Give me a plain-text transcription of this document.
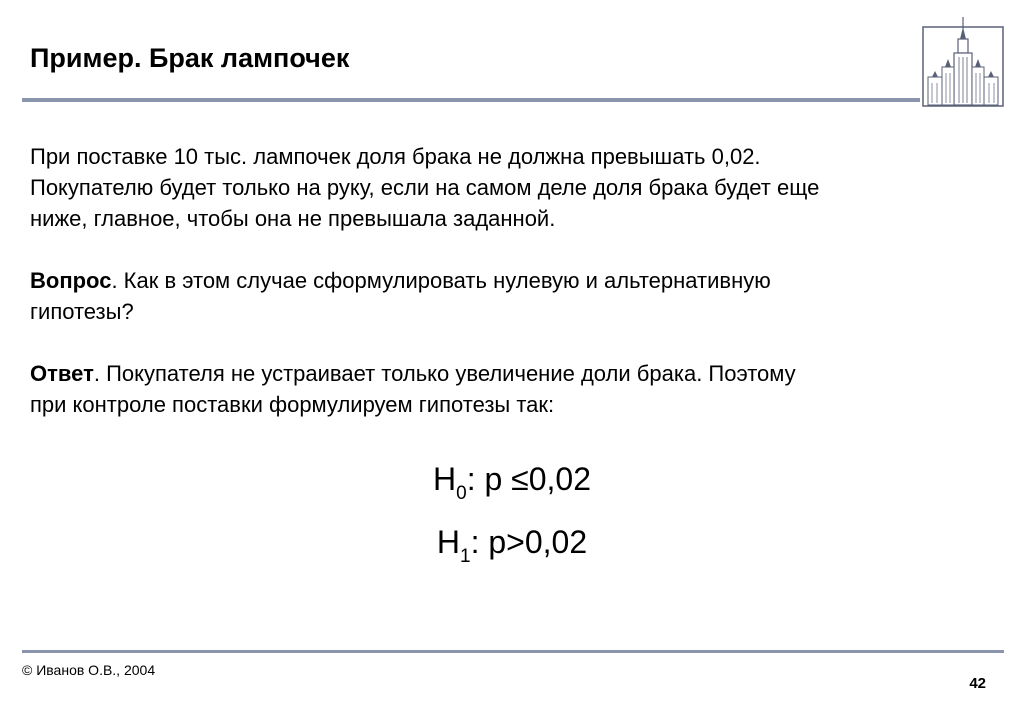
Пример. Брак лампочек

При поставке 10 тыс. лампочек доля брака не должна превышать 0,02.

Покупателю будет только на руку, если на самом деле доля брака будет еще

ниже, главное, чтобы она не превышала заданной.

Вопрос. Как в этом случае сформулировать нулевую и альтернативную

гипотезы?

Ответ. Покупателя не устраивает только увеличение доли брака. Поэтому

при контроле поставки формулируем гипотезы так:

$H_0$: p ≤0,02
$H_1$: p>0,02
© Иванов О.В., 2004
42
